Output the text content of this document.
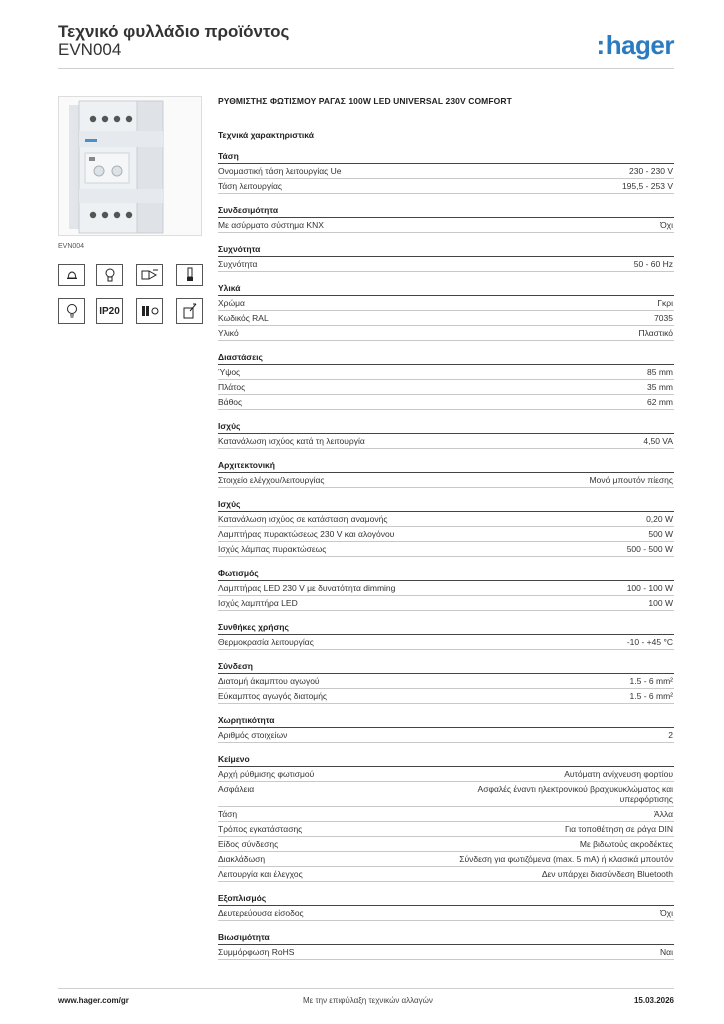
Τεχνικό φυλλάδιο προϊόντος
EVN004	:hager
EVN004
IP20
ΡΥΘΜΙΣΤΗΣ ΦΩΤΙΣΜΟΥ ΡΑΓΑΣ 100W LED UNIVERSAL 230V COMFORT
Τεχνικά χαρακτηριστικά
Τάση
Ονομαστική τάση λειτουργίας Ue	230 - 230 V
Τάση λειτουργίας	195,5 - 253 V
Συνδεσιμότητα
Με ασύρματο σύστημα KNX	Όχι
Συχνότητα
Συχνότητα	50 - 60 Hz
Υλικά
Χρώμα	Γκρι
Κωδικός RAL	7035
Υλικό	Πλαστικό
Διαστάσεις
Ύψος	85 mm
Πλάτος	35 mm
Βάθος	62 mm
Ισχύς
Κατανάλωση ισχύος κατά τη λειτουργία	4,50 VA
Αρχιτεκτονική
Στοιχείο ελέγχου/λειτουργίας	Μονό μπουτόν πίεσης
Ισχύς
Κατανάλωση ισχύος σε κατάσταση αναμονής	0,20 W
Λαμπτήρας πυρακτώσεως 230 V και αλογόνου	500 W
Ισχύς λάμπας πυρακτώσεως	500 - 500 W
Φωτισμός
Λαμπτήρας LED 230 V με δυνατότητα dimming	100 - 100 W
Ισχύς λαμπτήρα LED	100 W
Συνθήκες χρήσης
Θερμοκρασία λειτουργίας	-10 - +45 °C
Σύνδεση
Διατομή άκαμπτου αγωγού	1.5 - 6 mm²
Εύκαμπτος αγωγός διατομής	1.5 - 6 mm²
Χωρητικότητα
Αριθμός στοιχείων	2
Κείμενο
Αρχή ρύθμισης φωτισμού	Αυτόματη ανίχνευση φορτίου
Ασφάλεια	Ασφαλές έναντι ηλεκτρονικού βραχυκυκλώματος και υπερφόρτισης
Τάση	Άλλα
Τρόπος εγκατάστασης	Για τοποθέτηση σε ράγα DIN
Είδος σύνδεσης	Με βιδωτούς ακροδέκτες
Διακλάδωση	Σύνδεση για φωτιζόμενα (max. 5 mA) ή κλασικά μπουτόν
Λειτουργία και έλεγχος	Δεν υπάρχει διασύνδεση Bluetooth
Εξοπλισμός
Δευτερεύουσα είσοδος	Όχι
Βιωσιμότητα
Συμμόρφωση RoHS	Ναι
www.hager.com/gr	Με την επιφύλαξη τεχνικών αλλαγών	15.03.2026
